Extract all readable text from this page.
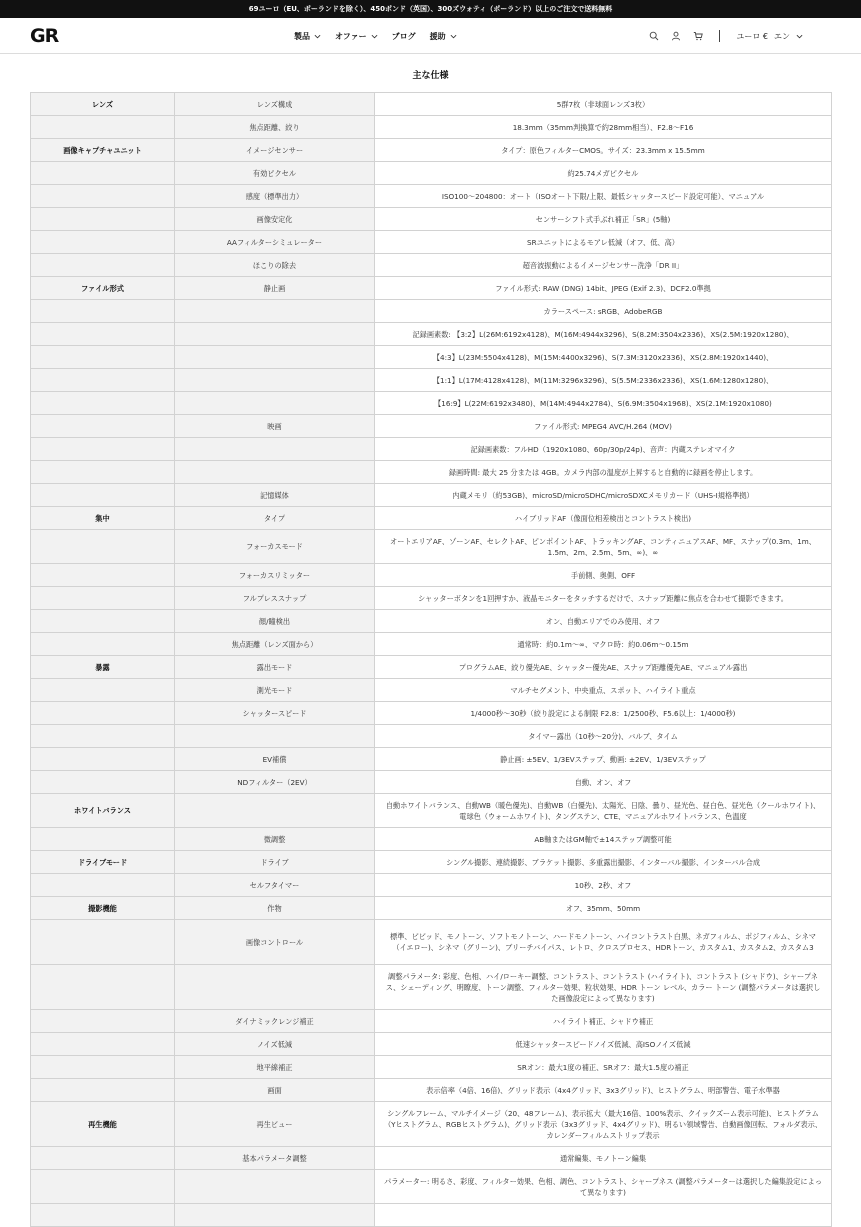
69ユーロ（EU、ポーランドを除く）、450ポンド（英国）、300ズウォティ（ポーランド）以上のご注文で送料無料
GR	製品	オファー	ブログ 援助	ユーロ € エン
主な仕様
レンズ	レンズ構成	5群7枚（非球面レンズ3枚）
	焦点距離、絞り	18.3mm（35mm判換算で約28mm相当）、F2.8〜F16
画像キャプチャユニット	イメージセンサー	タイプ：原色フィルターCMOS。サイズ：23.3mm x 15.5mm
	有効ピクセル	約25.74メガピクセル
	感度（標準出力）	ISO100〜204800：オート（ISOオート下限/上限、最低シャッタースピード設定可能）、マニュアル
	画像安定化	センサーシフト式手ぶれ補正「SR」(5軸)
	AAフィルターシミュレーター	SRユニットによるモアレ低減（オフ、低、高）
	ほこりの除去	超音波振動によるイメージセンサー洗浄「DR II」
ファイル形式	静止画	ファイル形式: RAW (DNG) 14bit、JPEG (Exif 2.3)、DCF2.0準拠
		カラースペース: sRGB、AdobeRGB
		記録画素数: 【3:2】L(26M:6192x4128)、M(16M:4944x3296)、S(8.2M:3504x2336)、XS(2.5M:1920x1280)、
		【4:3】L(23M:5504x4128)、M(15M:4400x3296)、S(7.3M:3120x2336)、XS(2.8M:1920x1440)、
		【1:1】L(17M:4128x4128)、M(11M:3296x3296)、S(5.5M:2336x2336)、XS(1.6M:1280x1280)、
		【16:9】L(22M:6192x3480)、M(14M:4944x2784)、S(6.9M:3504x1968)、XS(2.1M:1920x1080)
	映画	ファイル形式: MPEG4 AVC/H.264 (MOV)
		記録画素数：フルHD（1920x1080、60p/30p/24p)、音声：内蔵ステレオマイク
		録画時間: 最大 25 分または 4GB。カメラ内部の温度が上昇すると自動的に録画を停止します。
	記憶媒体	内蔵メモリ（約53GB)、microSD/microSDHC/microSDXCメモリカード（UHS-I規格準拠）
集中	タイプ	ハイブリッドAF（像面位相差検出とコントラスト検出)
	フォーカスモード	オートエリアAF、ゾーンAF、セレクトAF、ピンポイントAF、トラッキングAF、コンティニュアスAF、MF、スナップ(0.3m、1m、1.5m、2m、2.5m、5m、∞)、∞
	フォーカスリミッター	手前側、奥側、OFF
	フルプレススナップ	シャッターボタンを1回押すか、液晶モニターをタッチするだけで、スナップ距離に焦点を合わせて撮影できます。
	顔/瞳検出	オン、自動エリアでのみ使用、オフ
	焦点距離（レンズ面から）	通常時：約0.1m〜∞、マクロ時：約0.06m〜0.15m
暴露	露出モード	プログラムAE、絞り優先AE、シャッター優先AE、スナップ距離優先AE、マニュアル露出
	測光モード	マルチセグメント、中央重点、スポット、ハイライト重点
	シャッタースピード	1/4000秒〜30秒（絞り設定による制限 F2.8：1/2500秒、F5.6以上：1/4000秒)
		タイマー露出（10秒〜20分)、バルブ、タイム
	EV補償	静止画: ±5EV、1/3EVステップ、動画: ±2EV、1/3EVステップ
	NDフィルター（2EV）	自動、オン、オフ
ホワイトバランス		自動ホワイトバランス、自動WB（暖色優先)、自動WB（白優先)、太陽光、日陰、曇り、昼光色、昼白色、昼光色（クールホワイト)、電球色（ウォームホワイト)、タングステン、CTE、マニュアルホワイトバランス、色温度
	微調整	AB軸またはGM軸で±14ステップ調整可能
ドライブモード	ドライブ	シングル撮影、連続撮影、ブラケット撮影、多重露出撮影、インターバル撮影、インターバル合成
	セルフタイマー	10秒、2秒、オフ
撮影機能	作物	オフ、35mm、50mm
	画像コントロール	標準、ビビッド、モノトーン、ソフトモノトーン、ハードモノトーン、ハイコントラスト白黒、ネガフィルム、ポジフィルム、シネマ（イエロー)、シネマ（グリーン)、ブリーチバイパス、レトロ、クロスプロセス、HDRトーン、カスタム1、カスタム2、カスタム3
		調整パラメータ: 彩度、色相、ハイ/ローキー調整、コントラスト、コントラスト (ハイライト)、コントラスト (シャドウ)、シャープネス、シェーディング、明瞭度、トーン調整、フィルター効果、粒状効果、HDR トーン レベル、カラー トーン (調整パラメータは選択した画像設定によって異なります)
	ダイナミックレンジ補正	ハイライト補正、シャドウ補正
	ノイズ低減	低速シャッタースピードノイズ低減、高ISOノイズ低減
	地平線補正	SRオン：最大1度の補正、SRオフ：最大1.5度の補正
	画面	表示倍率（4倍、16倍)、グリッド表示（4x4グリッド、3x3グリッド)、ヒストグラム、明部警告、電子水準器
再生機能	再生ビュー	シングルフレーム、マルチイメージ（20、48フレーム)、表示拡大（最大16倍、100%表示、クイックズーム表示可能)、ヒストグラム（Yヒストグラム、RGBヒストグラム)、グリッド表示（3x3グリッド、4x4グリッド)、明るい領域警告、自動画像回転、フォルダ表示、カレンダーフィルムストリップ表示
	基本パラメータ調整	通常編集、モノトーン編集
		パラメーター: 明るさ、彩度、フィルター効果、色相、調色、コントラスト、シャープネス (調整パラメーターは選択した編集設定によって異なります)
